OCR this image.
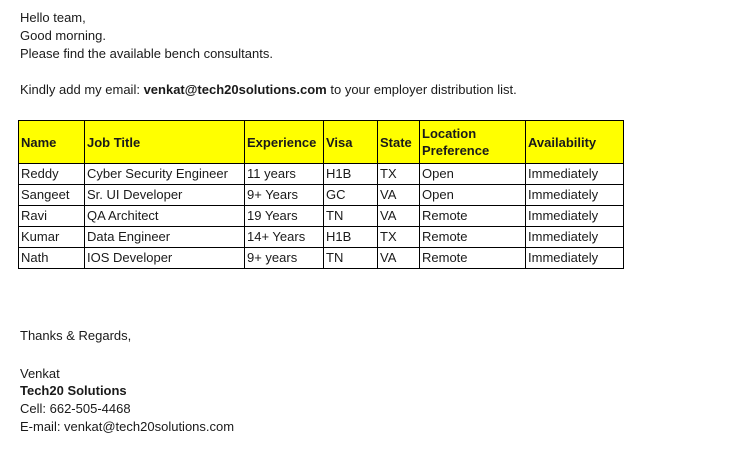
Hello team,
Good morning.
Please find the available bench consultants.
Kindly add my email: venkat@tech20solutions.com to your employer distribution list.
Name	Job Title	Experience	Visa	State	Location Preference	Availability
Reddy	Cyber Security Engineer	11 years	H1B	TX	Open	Immediately
Sangeet	Sr. UI Developer	9+ Years	GC	VA	Open	Immediately
Ravi	QA Architect	19 Years	TN	VA	Remote	Immediately
Kumar	Data Engineer	14+ Years	H1B	TX	Remote	Immediately
Nath	IOS Developer	9+ years	TN	VA	Remote	Immediately
Thanks & Regards,
Venkat
Tech20 Solutions
Cell: 662-505-4468
E-mail: venkat@tech20solutions.com
